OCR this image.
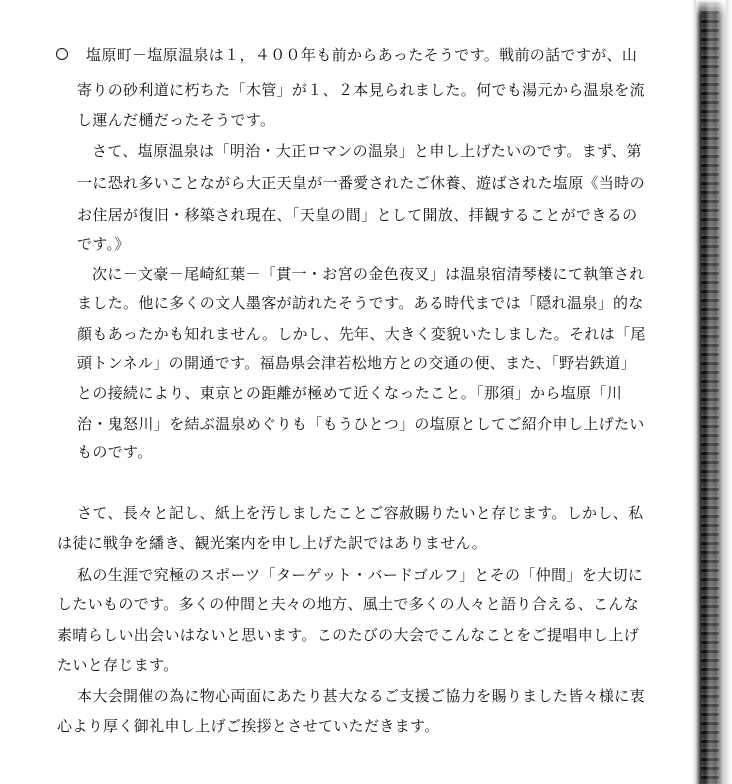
塩原町－塩原温泉は１，４００年も前からあったそうです。戦前の話ですが、山
寄りの砂利道に朽ちた「木管」が１、２本見られました。何でも湯元から温泉を流
し運んだ樋だったそうです。
さて、塩原温泉は「明治・大正ロマンの温泉」と申し上げたいのです。まず、第
一に恐れ多いことながら大正天皇が一番愛されたご休養、遊ばされた塩原《当時の
お住居が復旧・移築され現在、「天皇の間」として開放、拝観することができるの
です。》
次に－文豪－尾崎紅葉－「貫一・お宮の金色夜叉」は温泉宿清琴楼にて執筆され
ました。他に多くの文人墨客が訪れたそうです。ある時代までは「隠れ温泉」的な
顔もあったかも知れません。しかし、先年、大きく変貌いたしました。それは「尾
頭トンネル」の開通です。福島県会津若松地方との交通の便、また、「野岩鉄道」
との接続により、東京との距離が極めて近くなったこと。「那須」から塩原「川
治・鬼怒川」を結ぶ温泉めぐりも「もうひとつ」の塩原としてご紹介申し上げたい
ものです。
さて、長々と記し、紙上を汚しましたことご容赦賜りたいと存じます。しかし、私
は徒に戦争を繙き、観光案内を申し上げた訳ではありません。
私の生涯で究極のスポーツ「ターゲット・バードゴルフ」とその「仲間」を大切に
したいものです。多くの仲間と夫々の地方、風土で多くの人々と語り合える、こんな
素晴らしい出会いはないと思います。このたびの大会でこんなことをご提唱申し上げ
たいと存じます。
本大会開催の為に物心両面にあたり甚大なるご支援ご協力を賜りました皆々様に衷
心より厚く御礼申し上げご挨拶とさせていただきます。
